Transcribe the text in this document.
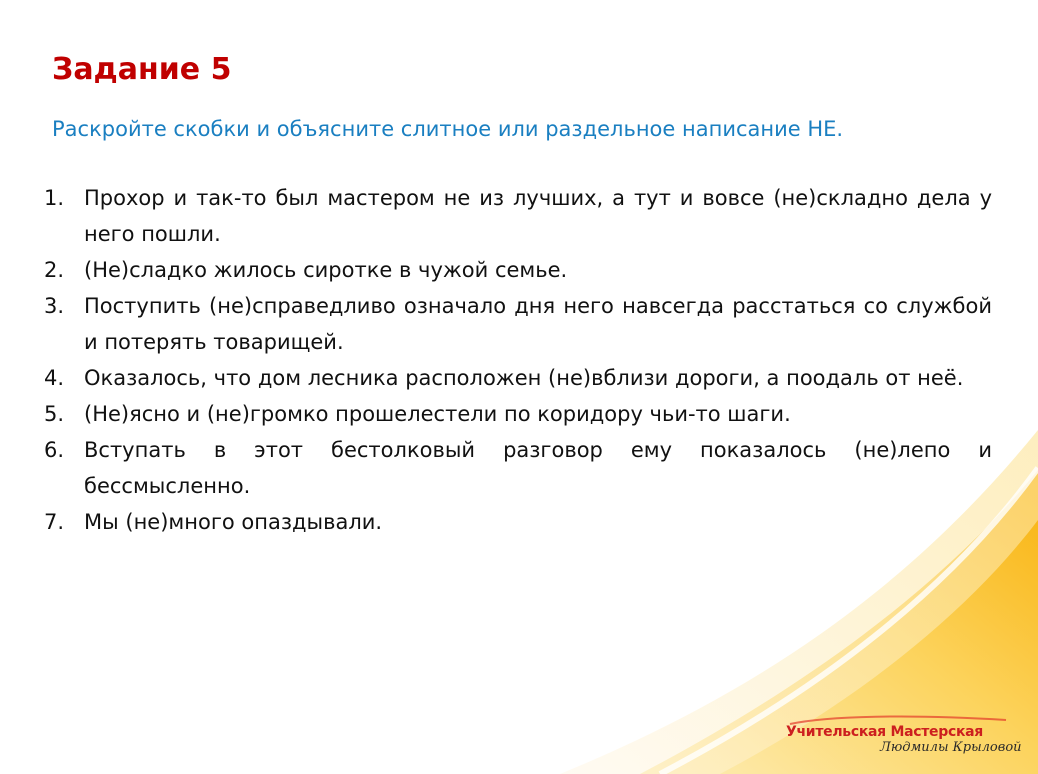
Задание 5

Раскройте скобки и объясните слитное или раздельное написание НЕ.

1. Прохор и так-то был мастером не из лучших, а тут и вовсе (не)складно дела у него пошли.
2. (Не)сладко жилось сиротке в чужой семье.
3. Поступить (не)справедливо означало дня него навсегда расстаться со службой и потерять товарищей.
4. Оказалось, что дом лесника расположен (не)вблизи дороги, а поодаль от неё.
5. (Не)ясно и (не)громко прошелестели по коридору чьи-то шаги.
6. Вступать в этот бестолковый разговор ему показалось (не)лепо и бессмысленно.
7. Мы (не)много опаздывали.
Учительская Мастерская
Людмилы Крыловой
